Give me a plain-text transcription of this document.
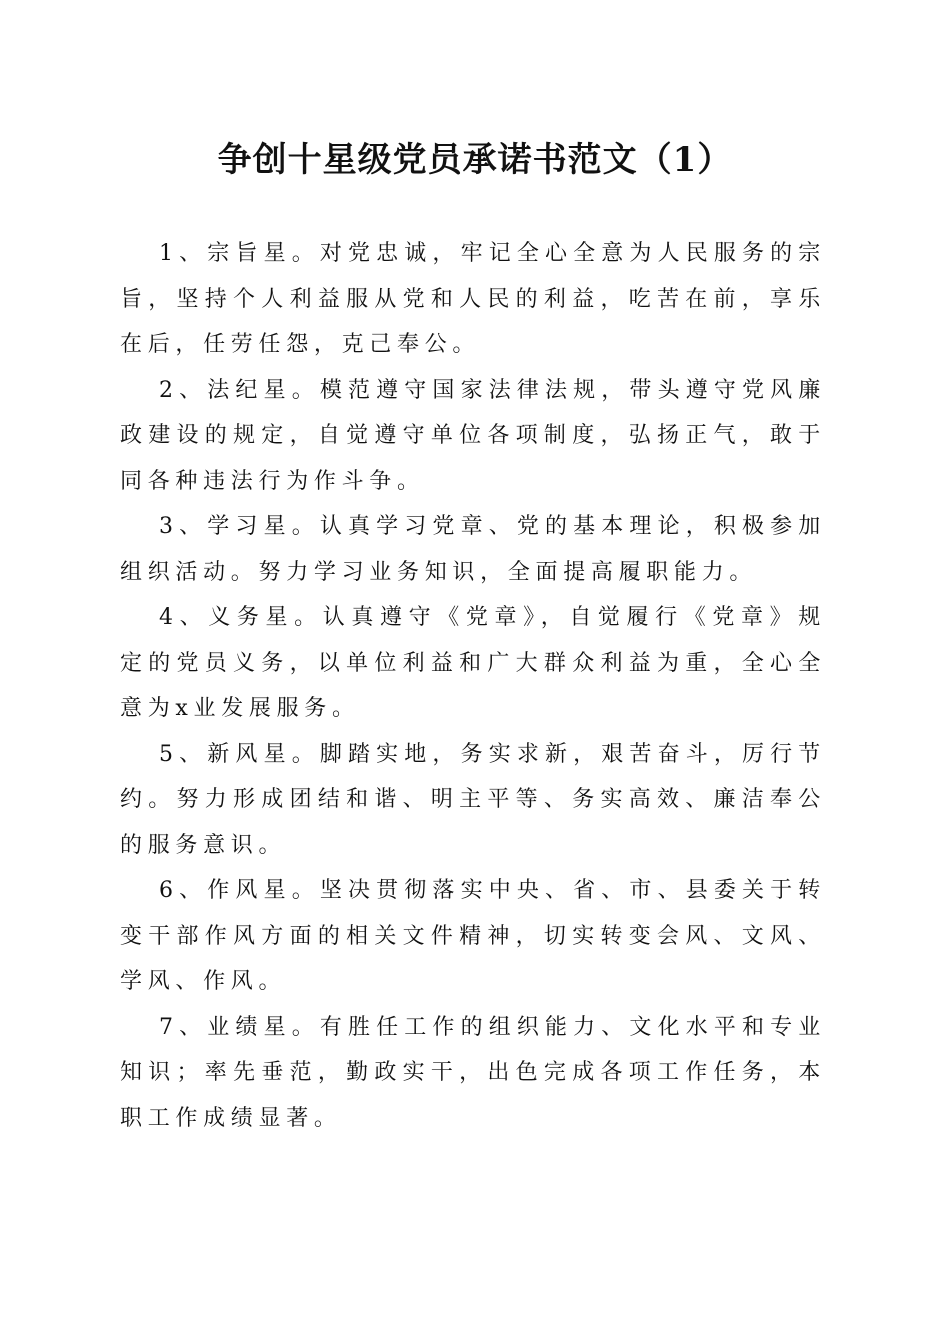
争创十星级党员承诺书范文（1）

1、宗旨星。对党忠诚，牢记全心全意为人民服务的宗旨，坚持个人利益服从党和人民的利益，吃苦在前，享乐在后，任劳任怨，克己奉公。

2、法纪星。模范遵守国家法律法规，带头遵守党风廉政建设的规定，自觉遵守单位各项制度，弘扬正气，敢于同各种违法行为作斗争。

3、学习星。认真学习党章、党的基本理论，积极参加组织活动。努力学习业务知识，全面提高履职能力。

4、义务星。认真遵守《党章》，自觉履行《党章》规定的党员义务，以单位利益和广大群众利益为重，全心全意为x业发展服务。

5、新风星。脚踏实地，务实求新，艰苦奋斗，厉行节约。努力形成团结和谐、明主平等、务实高效、廉洁奉公的服务意识。

6、作风星。坚决贯彻落实中央、省、市、县委关于转变干部作风方面的相关文件精神，切实转变会风、文风、学风、作风。

7、业绩星。有胜任工作的组织能力、文化水平和专业知识；率先垂范，勤政实干，出色完成各项工作任务，本职工作成绩显著。
